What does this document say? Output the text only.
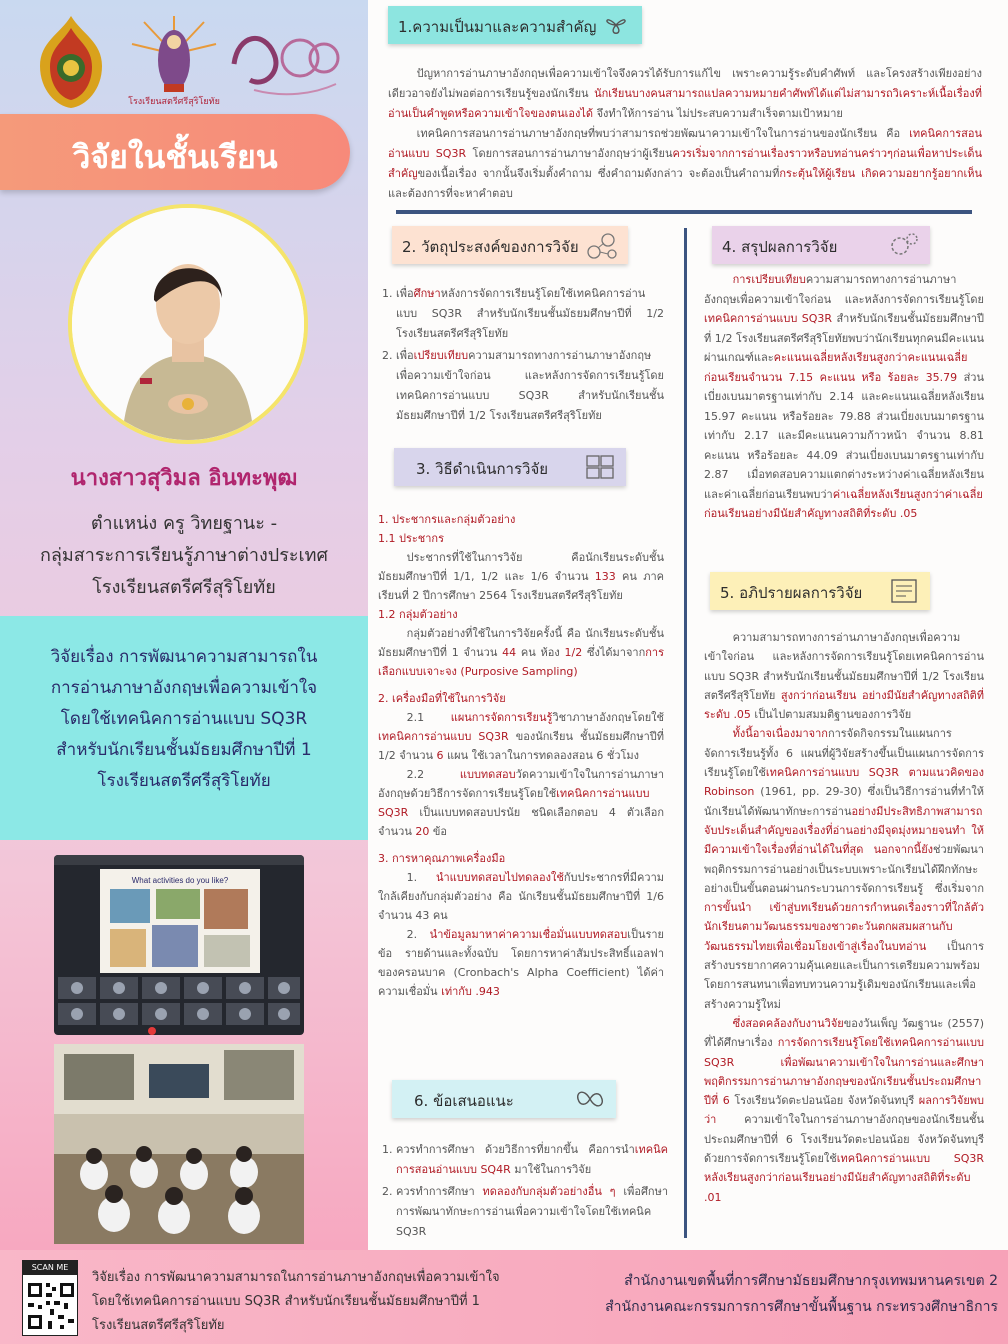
โรงเรียนสตรีศรีสุริโยทัย
วิจัยในชั้นเรียน
นางสาวสุวิมล อินทะพุฒ
ตำแหน่ง ครู วิทยฐานะ -
กลุ่มสาระการเรียนรู้ภาษาต่างประเทศ
โรงเรียนสตรีศรีสุริโยทัย
วิจัยเรื่อง การพัฒนาความสามารถใน
การอ่านภาษาอังกฤษเพื่อความเข้าใจ
โดยใช้เทคนิคการอ่านแบบ SQ3R
สำหรับนักเรียนชั้นมัธยมศึกษาปีที่ 1
โรงเรียนสตรีศรีสุริโยทัย
What activities do you like?
1.ความเป็นมาและความสำคัญ

ปัญหาการอ่านภาษาอังกฤษเพื่อความเข้าใจจึงควรได้รับการแก้ไข เพราะความรู้ระดับคำศัพท์ และโครงสร้างเพียงอย่างเดียวอาจยังไม่พอต่อการเรียนรู้ของนักเรียน นักเรียนบางคนสามารถแปลความหมายคำศัพท์ได้แต่ไม่สามารถวิเคราะห์เนื้อเรื่องที่อ่านเป็นคำพูดหรือความเข้าใจของตนเองได้ จึงทำให้การอ่าน ไม่ประสบความสำเร็จตามเป้าหมาย

เทคนิคการสอนการอ่านภาษาอังกฤษที่พบว่าสามารถช่วยพัฒนาความเข้าใจในการอ่านของนักเรียน คือ เทคนิคการสอนอ่านแบบ SQ3R โดยการสอนการอ่านภาษาอังกฤษว่าผู้เรียนควรเริ่มจากการอ่านเรื่องราวหรือบทอ่านคร่าวๆก่อนเพื่อหาประเด็นสำคัญของเนื้อเรื่อง จากนั้นจึงเริ่มตั้งคำถาม ซึ่งคำถามดังกล่าว จะต้องเป็นคำถามที่กระตุ้นให้ผู้เรียน เกิดความอยากรู้อยากเห็น และต้องการที่จะหาคำตอบ

2. วัตถุประสงค์ของการวิจัย
1. เพื่อศึกษาหลังการจัดการเรียนรู้โดยใช้เทคนิคการอ่านแบบ SQ3R สำหรับนักเรียนชั้นมัธยมศึกษาปีที่ 1/2 โรงเรียนสตรีศรีสุริโยทัย
2. เพื่อเปรียบเทียบความสามารถทางการอ่านภาษาอังกฤษเพื่อความเข้าใจก่อน และหลังการจัดการเรียนรู้โดยเทคนิคการอ่านแบบ SQ3R สำหรับนักเรียนชั้นมัธยมศึกษาปีที่ 1/2 โรงเรียนสตรีศรีสุริโยทัย
3. วิธีดำเนินการวิจัย

1. ประชากรและกลุ่มตัวอย่าง

1.1 ประชากร

ประชากรที่ใช้ในการวิจัย คือนักเรียนระดับชั้นมัธยมศึกษาปีที่ 1/1, 1/2 และ 1/6 จำนวน 133 คน ภาคเรียนที่ 2 ปีการศึกษา 2564 โรงเรียนสตรีศรีสุริโยทัย

1.2 กลุ่มตัวอย่าง

กลุ่มตัวอย่างที่ใช้ในการวิจัยครั้งนี้ คือ นักเรียนระดับชั้นมัธยมศึกษาปีที่ 1 จำนวน 44 คน ห้อง 1/2 ซึ่งได้มาจากการเลือกแบบเจาะจง (Purposive Sampling)

2. เครื่องมือที่ใช้ในการวิจัย

2.1 แผนการจัดการเรียนรู้วิชาภาษาอังกฤษโดยใช้เทคนิคการอ่านแบบ SQ3R ของนักเรียน ชั้นมัธยมศึกษาปีที่ 1/2 จำนวน 6 แผน ใช้เวลาในการทดลองสอน 6 ชั่วโมง

2.2 แบบทดสอบวัดความเข้าใจในการอ่านภาษาอังกฤษด้วยวิธีการจัดการเรียนรู้โดยใช้เทคนิคการอ่านแบบ SQ3R เป็นแบบทดสอบปรนัย ชนิดเลือกตอบ 4 ตัวเลือก จำนวน 20 ข้อ

3. การหาคุณภาพเครื่องมือ

1. นำแบบทดสอบไปทดลองใช้กับประชากรที่มีความใกล้เคียงกับกลุ่มตัวอย่าง คือ นักเรียนชั้นมัธยมศึกษาปีที่ 1/6 จำนวน 43 คน

2. นำข้อมูลมาหาค่าความเชื่อมั่นแบบทดสอบเป็นรายข้อ รายด้านและทั้งฉบับ โดยการหาค่าสัมประสิทธิ์แอลฟาของครอนบาค (Cronbach's Alpha Coefficient) ได้ค่าความเชื่อมั่น เท่ากับ .943

6. ข้อเสนอแนะ
1. ควรทำการศึกษา ด้วยวิธีการที่ยากขึ้น คือการนำเทคนิคการสอนอ่านแบบ SQ4R มาใช้ในการวิจัย
2. ควรทำการศึกษา ทดลองกับกลุ่มตัวอย่างอื่น ๆ เพื่อศึกษาการพัฒนาทักษะการอ่านเพื่อความเข้าใจโดยใช้เทคนิค SQ3R
4. สรุปผลการวิจัย

การเปรียบเทียบความสามารถทางการอ่านภาษาอังกฤษเพื่อความเข้าใจก่อน และหลังการจัดการเรียนรู้โดยเทคนิคการอ่านแบบ SQ3R สำหรับนักเรียนชั้นมัธยมศึกษาปีที่ 1/2 โรงเรียนสตรีศรีสุริโยทัยพบว่านักเรียนทุกคนมีคะแนนผ่านเกณฑ์และคะแนนเฉลี่ยหลังเรียนสูงกว่าคะแนนเฉลี่ยก่อนเรียนจำนวน 7.15 คะแนน หรือ ร้อยละ 35.79 ส่วนเบี่ยงเบนมาตรฐานเท่ากับ 2.14 และคะแนนเฉลี่ยหลังเรียน 15.97 คะแนน หรือร้อยละ 79.88 ส่วนเบี่ยงเบนมาตรฐานเท่ากับ 2.17 และมีคะแนนความก้าวหน้า จำนวน 8.81 คะแนน หรือร้อยละ 44.09 ส่วนเบี่ยงเบนมาตรฐานเท่ากับ 2.87 เมื่อทดสอบความแตกต่างระหว่างค่าเฉลี่ยหลังเรียนและค่าเฉลี่ยก่อนเรียนพบว่าค่าเฉลี่ยหลังเรียนสูงกว่าค่าเฉลี่ยก่อนเรียนอย่างมีนัยสำคัญทางสถิติที่ระดับ .05

5. อภิปรายผลการวิจัย

ความสามารถทางการอ่านภาษาอังกฤษเพื่อความเข้าใจก่อน และหลังการจัดการเรียนรู้โดยเทคนิคการอ่านแบบ SQ3R สำหรับนักเรียนชั้นมัธยมศึกษาปีที่ 1/2 โรงเรียนสตรีศรีสุริโยทัย สูงกว่าก่อนเรียน อย่างมีนัยสำคัญทางสถิติที่ระดับ .05 เป็นไปตามสมมติฐานของการวิจัย

ทั้งนี้อาจเนื่องมาจากการจัดกิจกรรมในแผนการจัดการเรียนรู้ทั้ง 6 แผนที่ผู้วิจัยสร้างขึ้นเป็นแผนการจัดการเรียนรู้โดยใช้เทคนิคการอ่านแบบ SQ3R ตามแนวคิดของ Robinson (1961, pp. 29-30) ซึ่งเป็นวิธีการอ่านที่ทำให้นักเรียนได้พัฒนาทักษะการอ่านอย่างมีประสิทธิภาพสามารถจับประเด็นสำคัญของเรื่องที่อ่านอย่างมีจุดมุ่งหมายจนทำ ให้มีความเข้าใจเรื่องที่อ่านได้ในที่สุด นอกจากนี้ยังช่วยพัฒนาพฤติกรรมการอ่านอย่างเป็นระบบเพราะนักเรียนได้ฝึกทักษะอย่างเป็นขั้นตอนผ่านกระบวนการจัดการเรียนรู้ ซึ่งเริ่มจากการขั้นนำ เข้าสู่บทเรียนด้วยการกำหนดเรื่องราวที่ใกล้ตัวนักเรียนตามวัฒนธรรมของชาวตะวันตกผสมผสานกับวัฒนธรรมไทยเพื่อเชื่อมโยงเข้าสู่เรื่องในบทอ่าน เป็นการสร้างบรรยากาศความคุ้นเคยและเป็นการเตรียมความพร้อมโดยการสนทนาเพื่อทบทวนความรู้เดิมของนักเรียนและเพื่อสร้างความรู้ใหม่

ซึ่งสอดคล้องกับงานวิจัยของวันเพ็ญ วัฒฐานะ (2557) ที่ได้ศึกษาเรื่อง การจัดการเรียนรู้โดยใช้เทคนิคการอ่านแบบ SQ3R เพื่อพัฒนาความเข้าใจในการอ่านและศึกษาพฤติกรรมการอ่านภาษาอังกฤษของนักเรียนชั้นประถมศึกษาปีที่ 6 โรงเรียนวัดตะปอนน้อย จังหวัดจันทบุรี ผลการวิจัยพบว่า ความเข้าใจในการอ่านภาษาอังกฤษของนักเรียนชั้นประถมศึกษาปีที่ 6 โรงเรียนวัดตะปอนน้อย จังหวัดจันทบุรี ด้วยการจัดการเรียนรู้โดยใช้เทคนิคการอ่านแบบ SQ3R หลังเรียนสูงกว่าก่อนเรียนอย่างมีนัยสำคัญทางสถิติที่ระดับ .01

SCAN ME
วิจัยเรื่อง การพัฒนาความสามารถในการอ่านภาษาอังกฤษเพื่อความเข้าใจ
โดยใช้เทคนิคการอ่านแบบ SQ3R สำหรับนักเรียนชั้นมัธยมศึกษาปีที่ 1
โรงเรียนสตรีศรีสุริโยทัย
สำนักงานเขตพื้นที่การศึกษามัธยมศึกษากรุงเทพมหานครเขต 2
สำนักงานคณะกรรมการการศึกษาขั้นพื้นฐาน กระทรวงศึกษาธิการ
